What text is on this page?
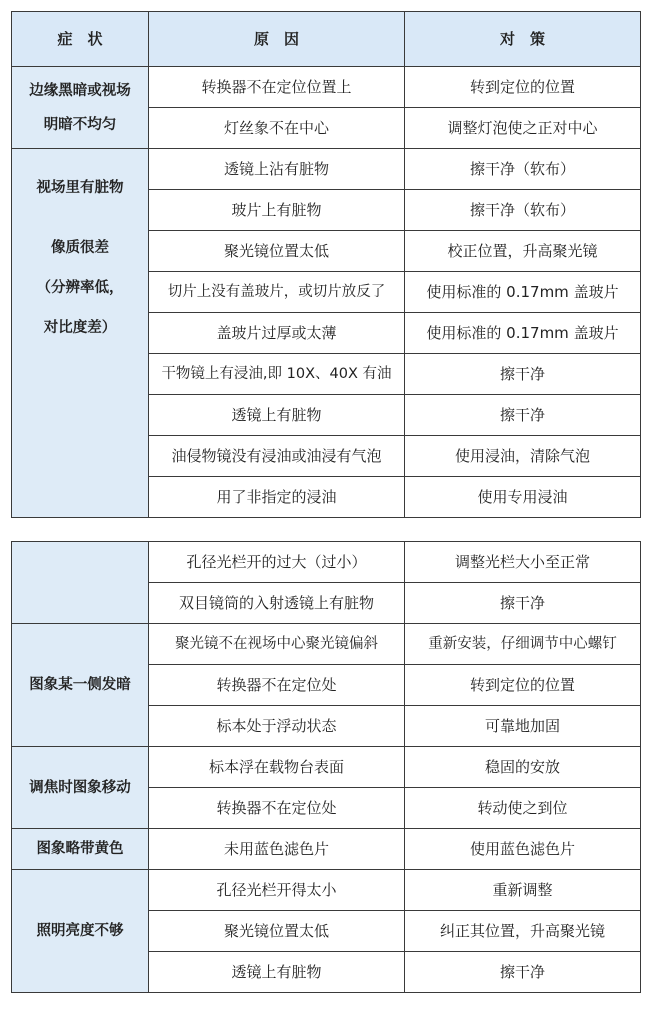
症　状	原　因	对　策

边缘黑暗或视场
明暗不均匀	转换器不在定位位置上	转到定位的位置
	灯丝象不在中心	调整灯泡使之正对中心

视场里有脏物
像质很差
（分辨率低，
对比度差）	透镜上沾有脏物	擦干净（软布）
	玻片上有脏物	擦干净（软布）
	聚光镜位置太低	校正位置，升高聚光镜
	切片上没有盖玻片，或切片放反了	使用标准的 0.17mm 盖玻片
	盖玻片过厚或太薄	使用标准的 0.17mm 盖玻片
	干物镜上有浸油,即 10X、40X 有油	擦干净
	透镜上有脏物	擦干净
	油侵物镜没有浸油或油浸有气泡	使用浸油，清除气泡
	用了非指定的浸油	使用专用浸油
	孔径光栏开的过大（过小）	调整光栏大小至正常
	双目镜筒的入射透镜上有脏物	擦干净
图象某一侧发暗	聚光镜不在视场中心聚光镜偏斜	重新安装，仔细调节中心螺钉
	转换器不在定位处	转到定位的位置
	标本处于浮动状态	可靠地加固
调焦时图象移动	标本浮在载物台表面	稳固的安放
	转换器不在定位处	转动使之到位
图象略带黄色	未用蓝色滤色片	使用蓝色滤色片
照明亮度不够	孔径光栏开得太小	重新调整
	聚光镜位置太低	纠正其位置，升高聚光镜
	透镜上有脏物	擦干净
